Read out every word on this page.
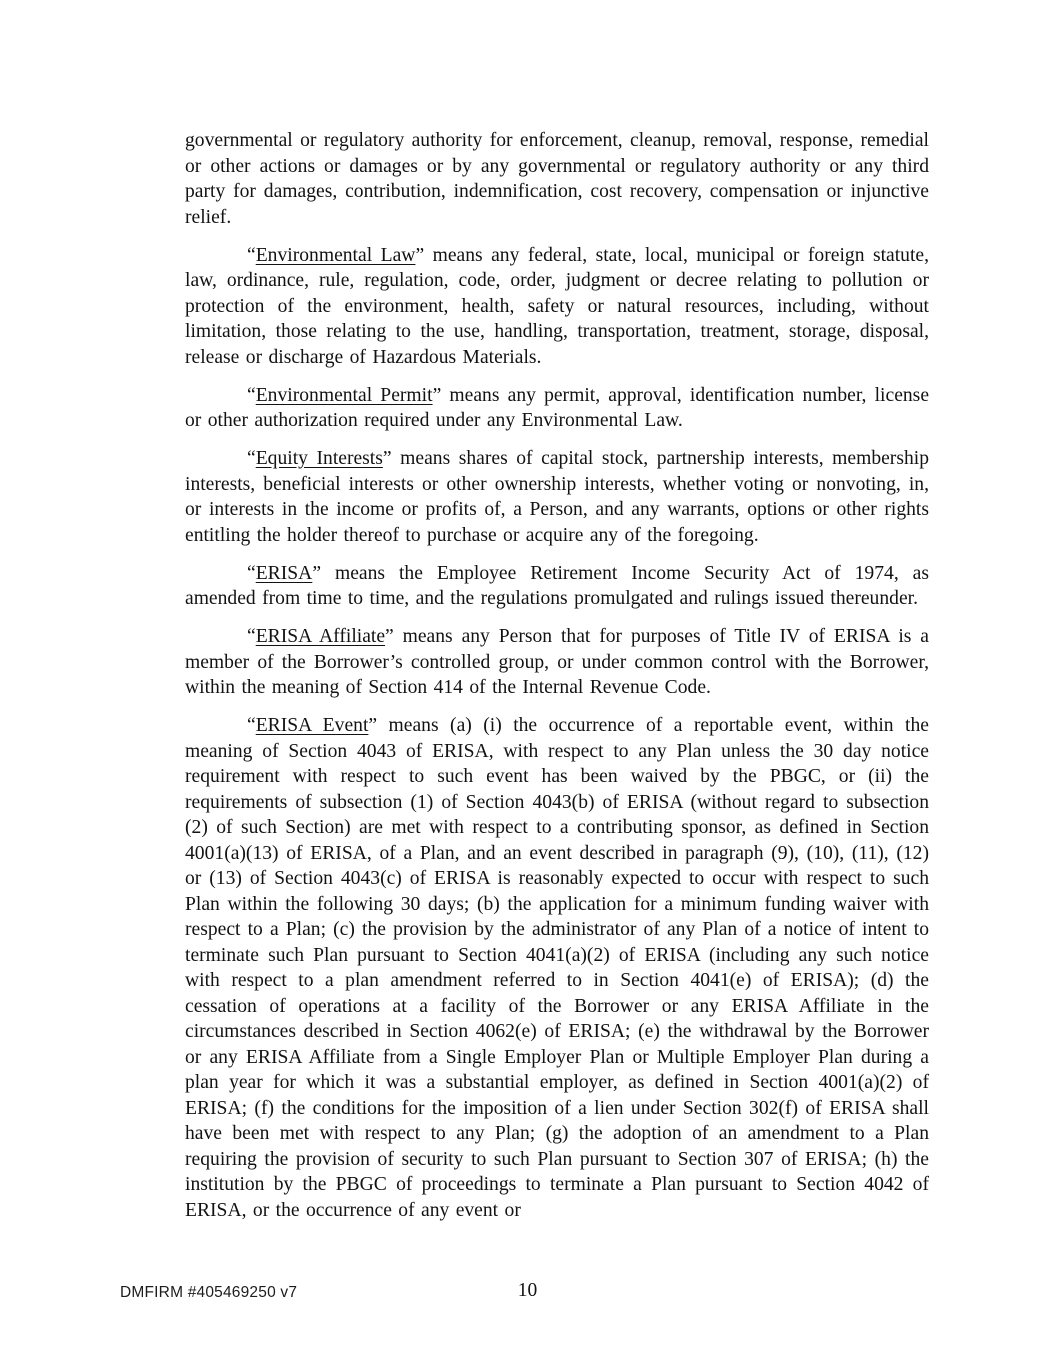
governmental or regulatory authority for enforcement, cleanup, removal, response, remedial or other actions or damages or by any governmental or regulatory authority or any third party for damages, contribution, indemnification, cost recovery, compensation or injunctive relief.

“Environmental Law” means any federal, state, local, municipal or foreign statute, law, ordinance, rule, regulation, code, order, judgment or decree relating to pollution or protection of the environment, health, safety or natural resources, including, without limitation, those relating to the use, handling, transportation, treatment, storage, disposal, release or discharge of Hazardous Materials.

“Environmental Permit” means any permit, approval, identification number, license or other authorization required under any Environmental Law.

“Equity Interests” means shares of capital stock, partnership interests, membership interests, beneficial interests or other ownership interests, whether voting or nonvoting, in, or interests in the income or profits of, a Person, and any warrants, options or other rights entitling the holder thereof to purchase or acquire any of the foregoing.

“ERISA” means the Employee Retirement Income Security Act of 1974, as amended from time to time, and the regulations promulgated and rulings issued thereunder.

“ERISA Affiliate” means any Person that for purposes of Title IV of ERISA is a member of the Borrower’s controlled group, or under common control with the Borrower, within the meaning of Section 414 of the Internal Revenue Code.

“ERISA Event” means (a) (i) the occurrence of a reportable event, within the meaning of Section 4043 of ERISA, with respect to any Plan unless the 30 day notice requirement with respect to such event has been waived by the PBGC, or (ii) the requirements of subsection (1) of Section 4043(b) of ERISA (without regard to subsection (2) of such Section) are met with respect to a contributing sponsor, as defined in Section 4001(a)(13) of ERISA, of a Plan, and an event described in paragraph (9), (10), (11), (12) or (13) of Section 4043(c) of ERISA is reasonably expected to occur with respect to such Plan within the following 30 days; (b) the application for a minimum funding waiver with respect to a Plan; (c) the provision by the administrator of any Plan of a notice of intent to terminate such Plan pursuant to Section 4041(a)(2) of ERISA (including any such notice with respect to a plan amendment referred to in Section 4041(e) of ERISA); (d) the cessation of operations at a facility of the Borrower or any ERISA Affiliate in the circumstances described in Section 4062(e) of ERISA; (e) the withdrawal by the Borrower or any ERISA Affiliate from a Single Employer Plan or Multiple Employer Plan during a plan year for which it was a substantial employer, as defined in Section 4001(a)(2) of ERISA; (f) the conditions for the imposition of a lien under Section 302(f) of ERISA shall have been met with respect to any Plan; (g) the adoption of an amendment to a Plan requiring the provision of security to such Plan pursuant to Section 307 of ERISA; (h) the institution by the PBGC of proceedings to terminate a Plan pursuant to Section 4042 of ERISA, or the occurrence of any event or

DMFIRM #405469250 v7	10
